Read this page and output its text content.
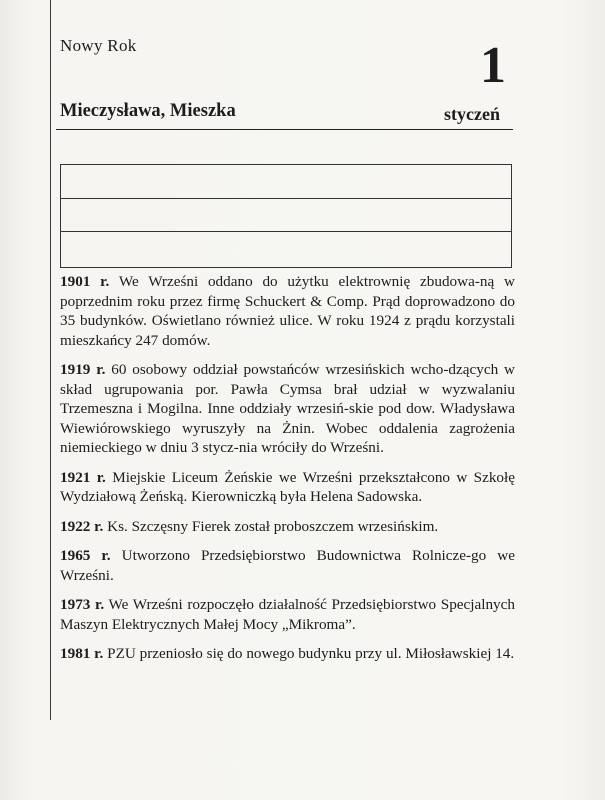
Nowy Rok	1
Mieczysława, Mieszka	styczeń

1901 r. We Wrześni oddano do użytku elektrownię zbudowa-ną w poprzednim roku przez firmę Schuckert & Comp. Prąd doprowadzono do 35 budynków. Oświetlano również ulice. W roku 1924 z prądu korzystali mieszkańcy 247 domów.

1919 r. 60 osobowy oddział powstańców wrzesińskich wcho-dzących w skład ugrupowania por. Pawła Cymsa brał udział w wyzwalaniu Trzemeszna i Mogilna. Inne oddziały wrzesiń-skie pod dow. Władysława Wiewiórowskiego wyruszyły na Żnin. Wobec oddalenia zagrożenia niemieckiego w dniu 3 stycz-nia wróciły do Wrześni.

1921 r. Miejskie Liceum Żeńskie we Wrześni przekształcono w Szkołę Wydziałową Żeńską. Kierowniczką była Helena Sadowska.

1922 r. Ks. Szczęsny Fierek został proboszczem wrzesińskim.

1965 r. Utworzono Przedsiębiorstwo Budownictwa Rolnicze-go we Wrześni.

1973 r. We Wrześni rozpoczęło działalność Przedsiębiorstwo Specjalnych Maszyn Elektrycznych Małej Mocy „Mikroma”.

1981 r. PZU przeniosło się do nowego budynku przy ul. Miłosławskiej 14.
